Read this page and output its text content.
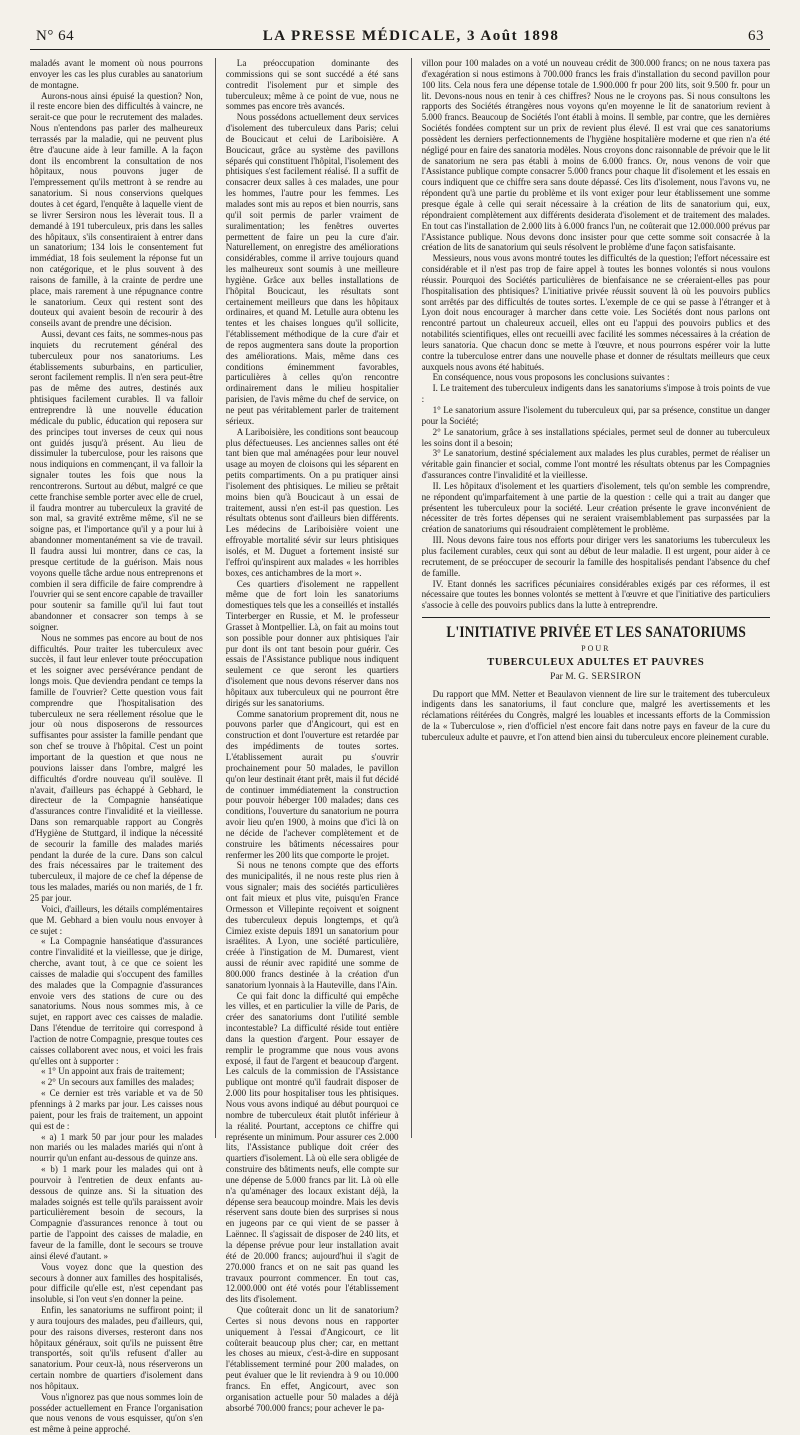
N° 64	LA PRESSE MÉDICALE, 3 Août 1898	63

maladés avant le moment où nous pourrons envoyer les cas les plus curables au sanatorium de montagne.

Aurons-nous ainsi épuisé la question? Non, il reste encore bien des difficultés à vaincre, ne serait-ce que pour le recrutement des malades. Nous n'entendons pas parler des malheureux terrassés par la maladie, qui ne peuvent plus être d'aucune aide à leur famille. A la façon dont ils encombrent la consultation de nos hôpitaux, nous pouvons juger de l'empressement qu'ils mettront à se rendre au sanatorium. Si nous conservions quelques doutes à cet égard, l'enquête à laquelle vient de se livrer Sersiron nous les lèverait tous. Il a demandé à 191 tuberculeux, pris dans les salles des hôpitaux, s'ils consentiraient à entrer dans un sanatorium; 134 lois le consentement fut immédiat, 18 fois seulement la réponse fut un non catégorique, et le plus souvent à des raisons de famille, à la crainte de perdre une place, mais rarement à une répugnance contre le sanatorium. Ceux qui restent sont des douteux qui avaient besoin de recourir à des conseils avant de prendre une décision.

Aussi, devant ces faits, ne sommes-nous pas inquiets du recrutement général des tuberculeux pour nos sanatoriums. Les établissements suburbains, en particulier, seront facilement remplis. Il n'en sera peut-être pas de même des autres, destinés aux phtisiques facilement curables. Il va falloir entreprendre là une nouvelle éducation médicale du public, éducation qui reposera sur des principes tout inverses de ceux qui nous ont guidés jusqu'à présent. Au lieu de dissimuler la tuberculose, pour les raisons que nous indiquions en commençant, il va falloir la signaler toutes les fois que nous la rencontrerons. Surtout au début, malgré ce que cette franchise semble porter avec elle de cruel, il faudra montrer au tuberculeux la gravité de son mal, sa gravité extrême même, s'il ne se soigne pas, et l'importance qu'il y a pour lui à abandonner momentanément sa vie de travail. Il faudra aussi lui montrer, dans ce cas, la presque certitude de la guérison. Mais nous voyons quelle tâche ardue nous entreprenons et combien il sera difficile de faire comprendre à l'ouvrier qui se sent encore capable de travailler pour soutenir sa famille qu'il lui faut tout abandonner et consacrer son temps à se soigner.

Nous ne sommes pas encore au bout de nos difficultés. Pour traiter les tuberculeux avec succès, il faut leur enlever toute préoccupation et les soigner avec persévérance pendant de longs mois. Que deviendra pendant ce temps la famille de l'ouvrier? Cette question vous fait comprendre que l'hospitalisation des tuberculeux ne sera réellement résolue que le jour où nous disposerons de ressources suffisantes pour assister la famille pendant que son chef se trouve à l'hôpital. C'est un point important de la question et que nous ne pouvions laisser dans l'ombre, malgré les difficultés d'ordre nouveau qu'il soulève. Il n'avait, d'ailleurs pas échappé à Gebhard, le directeur de la Compagnie hanséatique d'assurances contre l'invalidité et la vieillesse. Dans son remarquable rapport au Congrès d'Hygiène de Stuttgard, il indique la nécessité de secourir la famille des malades mariés pendant la durée de la cure. Dans son calcul des frais nécessaires par le traitement des tuberculeux, il majore de ce chef la dépense de tous les malades, mariés ou non mariés, de 1 fr. 25 par jour.

Voici, d'ailleurs, les détails complémentaires que M. Gebhard a bien voulu nous envoyer à ce sujet :

« La Compagnie hanséatique d'assurances contre l'invalidité et la vieillesse, que je dirige, cherche, avant tout, à ce que ce soient les caisses de maladie qui s'occupent des familles des malades que la Compagnie d'assurances envoie vers des stations de cure ou des sanatoriums. Nous nous sommes mis, à ce sujet, en rapport avec ces caisses de maladie. Dans l'étendue de territoire qui correspond à l'action de notre Compagnie, presque toutes ces caisses collaborent avec nous, et voici les frais qu'elles ont à supporter :

« 1° Un appoint aux frais de traitement;

« 2° Un secours aux familles des malades;

« Ce dernier est très variable et va de 50 pfennings à 2 marks par jour. Les caisses nous paient, pour les frais de traitement, un appoint qui est de :

« a) 1 mark 50 par jour pour les malades non mariés ou les malades mariés qui n'ont à nourrir qu'un enfant au-dessous de quinze ans.

« b) 1 mark pour les malades qui ont à pourvoir à l'entretien de deux enfants au-dessous de quinze ans. Si la situation des malades soignés est telle qu'ils paraissent avoir particulièrement besoin de secours, la Compagnie d'assurances renonce à tout ou partie de l'appoint des caisses de maladie, en faveur de la famille, dont le secours se trouve ainsi élevé d'autant. »

Vous voyez donc que la question des secours à donner aux familles des hospitalisés, pour difficile qu'elle est, n'est cependant pas insoluble, si l'on veut s'en donner la peine.

Enfin, les sanatoriums ne suffiront point; il y aura toujours des malades, peu d'ailleurs, qui, pour des raisons diverses, resteront dans nos hôpitaux généraux, soit qu'ils ne puissent être transportés, soit qu'ils refusent d'aller au sanatorium. Pour ceux-là, nous réserverons un certain nombre de quartiers d'isolement dans nos hôpitaux.

Vous n'ignorez pas que nous sommes loin de posséder actuellement en France l'organisation que nous venons de vous esquisser, qu'on s'en est même à peine approché.

La préoccupation dominante des commissions qui se sont succédé a été sans contredit l'isolement pur et simple des tuberculeux; même à ce point de vue, nous ne sommes pas encore très avancés.

Nous possédons actuellement deux services d'isolement des tuberculeux dans Paris; celui de Boucicaut et celui de Lariboisière. A Boucicaut, grâce au système des pavillons séparés qui constituent l'hôpital, l'isolement des phtisiques s'est facilement réalisé. Il a suffit de consacrer deux salles à ces malades, une pour les hommes, l'autre pour les femmes. Les malades sont mis au repos et bien nourris, sans qu'il soit permis de parler vraiment de suralimentation; les fenêtres ouvertes permettent de faire un peu la cure d'air. Naturellement, on enregistre des améliorations considérables, comme il arrive toujours quand les malheureux sont soumis à une meilleure hygiène. Grâce aux belles installations de l'hôpital Boucicaut, les résultats sont certainement meilleurs que dans les hôpitaux ordinaires, et quand M. Letulle aura obtenu les tentes et les chaises longues qu'il sollicite, l'établissement méthodique de la cure d'air et de repos augmentera sans doute la proportion des améliorations. Mais, même dans ces conditions éminemment favorables, particulières à celles qu'on rencontre ordinairement dans le milieu hospitalier parisien, de l'avis même du chef de service, on ne peut pas véritablement parler de traitement sérieux.

A Lariboisière, les conditions sont beaucoup plus défectueuses. Les anciennes salles ont été tant bien que mal aménagées pour leur nouvel usage au moyen de cloisons qui les séparent en petits compartiments. On a pu pratiquer ainsi l'isolement des phtisiques. Le milieu se prêtait moins bien qu'à Boucicaut à un essai de traitement, aussi n'en est-il pas question. Les résultats obtenus sont d'ailleurs bien différents. Les médecins de Lariboisière voient une effroyable mortalité sévir sur leurs phtisiques isolés, et M. Duguet a fortement insisté sur l'effroi qu'inspirent aux malades « les horribles boxes, ces antichambres de la mort ».

Ces quartiers d'isolement ne rappellent même que de fort loin les sanatoriums domestiques tels que les a conseillés et installés Tinterberger en Russie, et M. le professeur Grasset à Montpellier. Là, on fait au moins tout son possible pour donner aux phtisiques l'air pur dont ils ont tant besoin pour guérir. Ces essais de l'Assistance publique nous indiquent seulement ce que seront les quartiers d'isolement que nous devons réserver dans nos hôpitaux aux tuberculeux qui ne pourront être dirigés sur les sanatoriums.

Comme sanatorium proprement dit, nous ne pouvons parler que d'Angicourt, qui est en construction et dont l'ouverture est retardée par des impédiments de toutes sortes. L'établissement aurait pu s'ouvrir prochainement pour 50 malades, le pavillon qu'on leur destinait étant prêt, mais il fut décidé de continuer immédiatement la construction pour pouvoir héberger 100 malades; dans ces conditions, l'ouverture du sanatorium ne pourra avoir lieu qu'en 1900, à moins que d'ici là on ne décide de l'achever complètement et de construire les bâtiments nécessaires pour renfermer les 200 lits que comporte le projet.

Si nous ne tenons compte que des efforts des municipalités, il ne nous reste plus rien à vous signaler; mais des sociétés particulières ont fait mieux et plus vite, puisqu'en France Ormesson et Villepinte reçoivent et soignent des tuberculeux depuis longtemps, et qu'à Cimiez existe depuis 1891 un sanatorium pour israélites. A Lyon, une société particulière, créée à l'instigation de M. Dumarest, vient aussi de réunir avec rapidité une somme de 800.000 francs destinée à la création d'un sanatorium lyonnais à la Hauteville, dans l'Ain.

Ce qui fait donc la difficulté qui empêche les villes, et en particulier la ville de Paris, de créer des sanatoriums dont l'utilité semble incontestable? La difficulté réside tout entière dans la question d'argent. Pour essayer de remplir le programme que nous vous avons exposé, il faut de l'argent et beaucoup d'argent. Les calculs de la commission de l'Assistance publique ont montré qu'il faudrait disposer de 2.000 lits pour hospitaliser tous les phtisiques. Nous vous avons indiqué au début pourquoi ce nombre de tuberculeux était plutôt inférieur à la réalité. Pourtant, acceptons ce chiffre qui représente un minimum. Pour assurer ces 2.000 lits, l'Assistance publique doit créer des quartiers d'isolement. Là où elle sera obligée de construire des bâtiments neufs, elle compte sur une dépense de 5.000 francs par lit. Là où elle n'a qu'aménager des locaux existant déjà, la dépense sera beaucoup moindre. Mais les devis réservent sans doute bien des surprises si nous en jugeons par ce qui vient de se passer à Laënnec. Il s'agissait de disposer de 240 lits, et la dépense prévue pour leur installation avait été de 20.000 francs; aujourd'hui il s'agit de 270.000 francs et on ne sait pas quand les travaux pourront commencer. En tout cas, 12.000.000 ont été votés pour l'établissement des lits d'isolement.

Que coûterait donc un lit de sanatorium? Certes si nous devons nous en rapporter uniquement à l'essai d'Angicourt, ce lit coûterait beaucoup plus cher; car, en mettant les choses au mieux, c'est-à-dire en supposant l'établissement terminé pour 200 malades, on peut évaluer que le lit reviendra à 9 ou 10.000 francs. En effet, Angicourt, avec son organisation actuelle pour 50 malades a déjà absorbé 700.000 francs; pour achever le pa-

villon pour 100 malades on a voté un nouveau crédit de 300.000 francs; on ne nous taxera pas d'exagération si nous estimons à 700.000 francs les frais d'installation du second pavillon pour 100 lits. Cela nous fera une dépense totale de 1.900.000 fr pour 200 lits, soit 9.500 fr. pour un lit. Devons-nous nous en tenir à ces chiffres? Nous ne le croyons pas. Si nous consultons les rapports des Sociétés étrangères nous voyons qu'en moyenne le lit de sanatorium revient à 5.000 francs. Beaucoup de Sociétés l'ont établi à moins. Il semble, par contre, que les dernières Sociétés fondées comptent sur un prix de revient plus élevé. Il est vrai que ces sanatoriums possèdent les derniers perfectionnements de l'hygiène hospitalière moderne et que rien n'a été négligé pour en faire des sanatoria modèles. Nous croyons donc raisonnable de prévoir que le lit de sanatorium ne sera pas établi à moins de 6.000 francs. Or, nous venons de voir que l'Assistance publique compte consacrer 5.000 francs pour chaque lit d'isolement et les essais en cours indiquent que ce chiffre sera sans doute dépassé. Ces lits d'isolement, nous l'avons vu, ne répondent qu'à une partie du problème et ils vont exiger pour leur établissement une somme presque égale à celle qui serait nécessaire à la création de lits de sanatorium qui, eux, répondraient complètement aux différents desiderata d'isolement et de traitement des malades. En tout cas l'installation de 2.000 lits à 6.000 francs l'un, ne coûterait que 12.000.000 prévus par l'Assistance publique. Nous devons donc insister pour que cette somme soit consacrée à la création de lits de sanatorium qui seuls résolvent le problème d'une façon satisfaisante.

Messieurs, nous vous avons montré toutes les difficultés de la question; l'effort nécessaire est considérable et il n'est pas trop de faire appel à toutes les bonnes volontés si nous voulons réussir. Pourquoi des Sociétés particulières de bienfaisance ne se créeraient-elles pas pour l'hospitalisation des phtisiques? L'initiative privée réussit souvent là où les pouvoirs publics sont arrêtés par des difficultés de toutes sortes. L'exemple de ce qui se passe à l'étranger et à Lyon doit nous encourager à marcher dans cette voie. Les Sociétés dont nous parlons ont rencontré partout un chaleureux accueil, elles ont eu l'appui des pouvoirs publics et des notabilités scientifiques, elles ont recueilli avec facilité les sommes nécessaires à la création de leurs sanatoria. Que chacun donc se mette à l'œuvre, et nous pourrons espérer voir la lutte contre la tuberculose entrer dans une nouvelle phase et donner de résultats meilleurs que ceux auxquels nous avons été habitués.

En conséquence, nous vous proposons les conclusions suivantes :

I. Le traitement des tuberculeux indigents dans les sanatoriums s'impose à trois points de vue :

1° Le sanatorium assure l'isolement du tuberculeux qui, par sa présence, constitue un danger pour la Société;

2° Le sanatorium, grâce à ses installations spéciales, permet seul de donner au tuberculeux les soins dont il a besoin;

3° Le sanatorium, destiné spécialement aux malades les plus curables, permet de réaliser un véritable gain financier et social, comme l'ont montré les résultats obtenus par les Compagnies d'assurances contre l'invalidité et la vieillesse.

II. Les hôpitaux d'isolement et les quartiers d'isolement, tels qu'on semble les comprendre, ne répondent qu'imparfaitement à une partie de la question : celle qui a trait au danger que présentent les tuberculeux pour la société. Leur création présente le grave inconvénient de nécessiter de très fortes dépenses qui ne seraient vraisemblablement pas surpassées par la création de sanatoriums qui résoudraient complètement le problème.

III. Nous devons faire tous nos efforts pour diriger vers les sanatoriums les tuberculeux les plus facilement curables, ceux qui sont au début de leur maladie. Il est urgent, pour aider à ce recrutement, de se préoccuper de secourir la famille des hospitalisés pendant l'absence du chef de famille.

IV. Etant donnés les sacrifices pécuniaires considérables exigés par ces réformes, il est nécessaire que toutes les bonnes volontés se mettent à l'œuvre et que l'initiative des particuliers s'associe à celle des pouvoirs publics dans la lutte à entreprendre.

L'INITIATIVE PRIVÉE ET LES SANATORIUMS
POUR
TUBERCULEUX ADULTES ET PAUVRES
Par M. G. SERSIRON

Du rapport que MM. Netter et Beaulavon viennent de lire sur le traitement des tuberculeux indigents dans les sanatoriums, il faut conclure que, malgré les avertissements et les réclamations réitérées du Congrès, malgré les louables et incessants efforts de la Commission de la « Tuberculose », rien d'officiel n'est encore fait dans notre pays en faveur de la cure du tuberculeux adulte et pauvre, et l'on attend bien ainsi du tuberculeux encore pleinement curable.
